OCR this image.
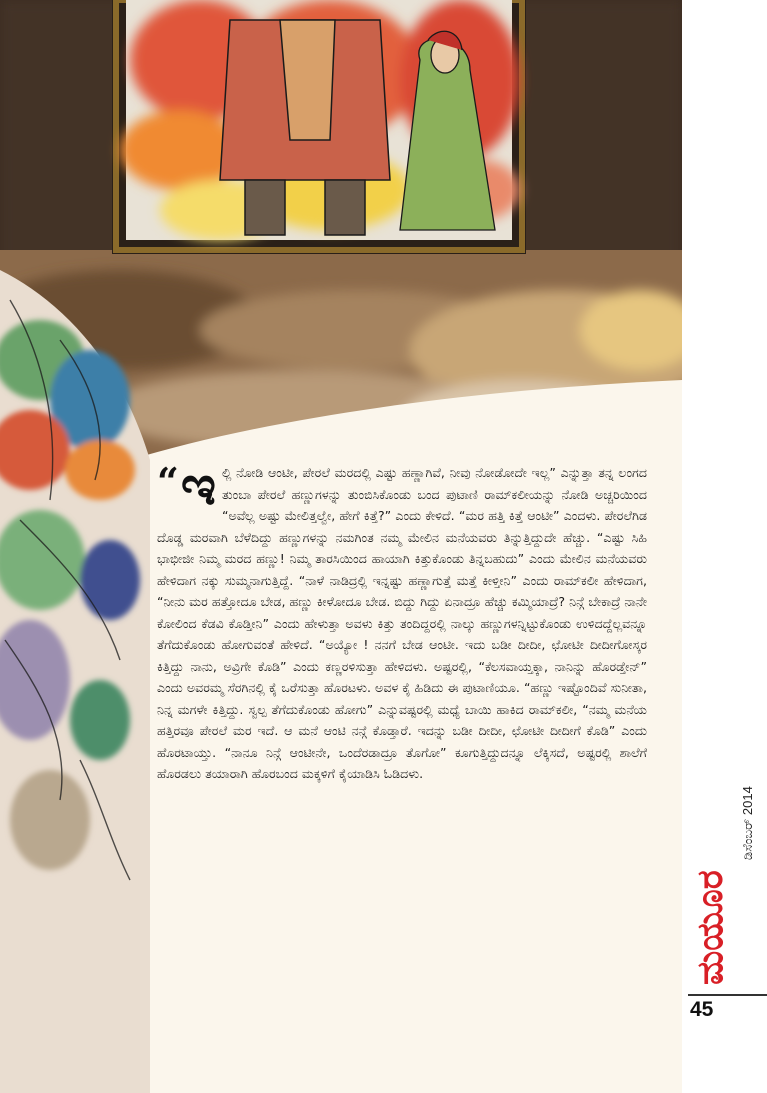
ಮಯೂರ
ಡಿಸೆಂಬರ್ 2014
45

“ ಇ ಲ್ಲಿ ನೋಡಿ ಆಂಟೀ, ಪೇರಲೆ ಮರದಲ್ಲಿ ಎಷ್ಟು ಹಣ್ಣಾಗಿವೆ, ನೀವು ನೋಡೋದೇ ಇಲ್ಲ” ಎನ್ನುತ್ತಾ ತನ್ನ ಲಂಗದ ತುಂಬಾ ಪೇರಲೆ ಹಣ್ಣುಗಳನ್ನು ತುಂಬಿಸಿಕೊಂಡು ಬಂದ ಪುಟಾಣಿ ರಾಮ್‌ಕಲೀಯನ್ನು ನೋಡಿ ಅಚ್ಚರಿಯಿಂದ “ಅವೆಲ್ಲ ಅಷ್ಟು ಮೇಲಿತ್ತಲ್ವೇ, ಹೇಗೆ ಕಿತ್ತೆ?” ಎಂದು ಕೇಳಿದೆ. “ಮರ ಹತ್ತಿ ಕಿತ್ತೆ ಆಂಟೀ” ಎಂದಳು. ಪೇರಲೆಗಿಡ ದೊಡ್ಡ ಮರವಾಗಿ ಬೆಳೆದಿದ್ದು ಹಣ್ಣುಗಳನ್ನು ನಮಗಿಂತ ನಮ್ಮ ಮೇಲಿನ ಮನೆಯವರು ತಿನ್ನುತ್ತಿದ್ದುದೇ ಹೆಚ್ಚು. “ಎಷ್ಟು ಸಿಹಿ ಭಾಭೀಜೀ ನಿಮ್ಮ ಮರದ ಹಣ್ಣು! ನಿಮ್ಮ ತಾರಸಿಯಿಂದ ಹಾಯಾಗಿ ಕಿತ್ತುಕೊಂಡು ತಿನ್ನಬಹುದು” ಎಂದು ಮೇಲಿನ ಮನೆಯವರು ಹೇಳಿದಾಗ ನಕ್ಕು ಸುಮ್ಮನಾಗುತ್ತಿದ್ದೆ. “ನಾಳೆ ನಾಡಿದ್ರಲ್ಲಿ ಇನ್ನಷ್ಟು ಹಣ್ಣಾಗುತ್ತೆ ಮತ್ತೆ ಕೀಳ್ತೀನಿ” ಎಂದು ರಾಮ್‌ಕಲೀ ಹೇಳಿದಾಗ, “ನೀನು ಮರ ಹತ್ತೋದೂ ಬೇಡ, ಹಣ್ಣು ಕೀಳೋದೂ ಬೇಡ. ಬಿದ್ದು ಗಿದ್ದು ಏನಾದ್ರೂ ಹೆಚ್ಚು ಕಮ್ಮಿಯಾದ್ರೆ? ನಿನ್ಗೆ ಬೇಕಾದ್ರೆ ನಾನೇ ಕೋಲಿಂದ ಕೆಡವಿ ಕೊಡ್ತೀನಿ” ಎಂದು ಹೇಳುತ್ತಾ ಅವಳು ಕಿತ್ತು ತಂದಿದ್ದರಲ್ಲಿ ನಾಲ್ಕು ಹಣ್ಣುಗಳನ್ನಿಟ್ಟುಕೊಂಡು ಉಳಿದದ್ದೆಲ್ಲವನ್ನೂ ತೆಗೆದುಕೊಂಡು ಹೋಗುವಂತೆ ಹೇಳಿದೆ. “ಅಯ್ಯೋ ! ನನಗೆ ಬೇಡ ಆಂಟೀ. ಇದು ಬಡೀ ದೀದೀ, ಛೋಟೀ ದೀದೀಗೋಸ್ಕರ ಕಿತ್ತಿದ್ದು ನಾನು, ಅವ್ರಿಗೇ ಕೊಡಿ” ಎಂದು ಕಣ್ಣರಳಿಸುತ್ತಾ ಹೇಳಿದಳು. ಅಷ್ಟರಲ್ಲಿ, “ಕೆಲಸವಾಯ್ತಕ್ಕಾ, ನಾನಿನ್ನು ಹೊರಡ್ತೇನ್” ಎಂದು ಅವರಮ್ಮ ಸೆರಗಿನಲ್ಲಿ ಕೈ ಒರೆಸುತ್ತಾ ಹೊರಟಳು. ಅವಳ ಕೈ ಹಿಡಿದು ಈ ಪುಟಾಣಿಯೂ. “ಹಣ್ಣು ಇಷ್ಟೊಂದಿವೆ ಸುನೀತಾ, ನಿನ್ನ ಮಗಳೇ ಕಿತ್ತಿದ್ದು. ಸ್ವಲ್ಪ ತೆಗೆದುಕೊಂಡು ಹೋಗು” ಎನ್ನುವಷ್ಟರಲ್ಲಿ ಮಧ್ಯೆ ಬಾಯಿ ಹಾಕಿದ ರಾಮ್‌ಕಲೀ, “ನಮ್ಮ ಮನೆಯ ಹತ್ತಿರವೂ ಪೇರಲೆ ಮರ ಇದೆ. ಆ ಮನೆ ಆಂಟಿ ನನ್ಗೆ ಕೊಡ್ತಾರೆ. ಇದನ್ನು ಬಡೀ ದೀದೀ, ಛೋಟೀ ದೀದೀಗೆ ಕೊಡಿ” ಎಂದು ಹೊರಟಾಯ್ತು. “ನಾನೂ ನಿನ್ಗೆ ಆಂಟೀನೇ, ಒಂದೆರಡಾದ್ರೂ ತೊಗೋ” ಕೂಗುತ್ತಿದ್ದುದನ್ನೂ ಲೆಕ್ಕಿಸದೆ, ಅಷ್ಟರಲ್ಲಿ ಶಾಲೆಗೆ ಹೊರಡಲು ತಯಾರಾಗಿ ಹೊರಬಂದ ಮಕ್ಕಳಿಗೆ ಕೈಯಾಡಿಸಿ ಓಡಿದಳು.
